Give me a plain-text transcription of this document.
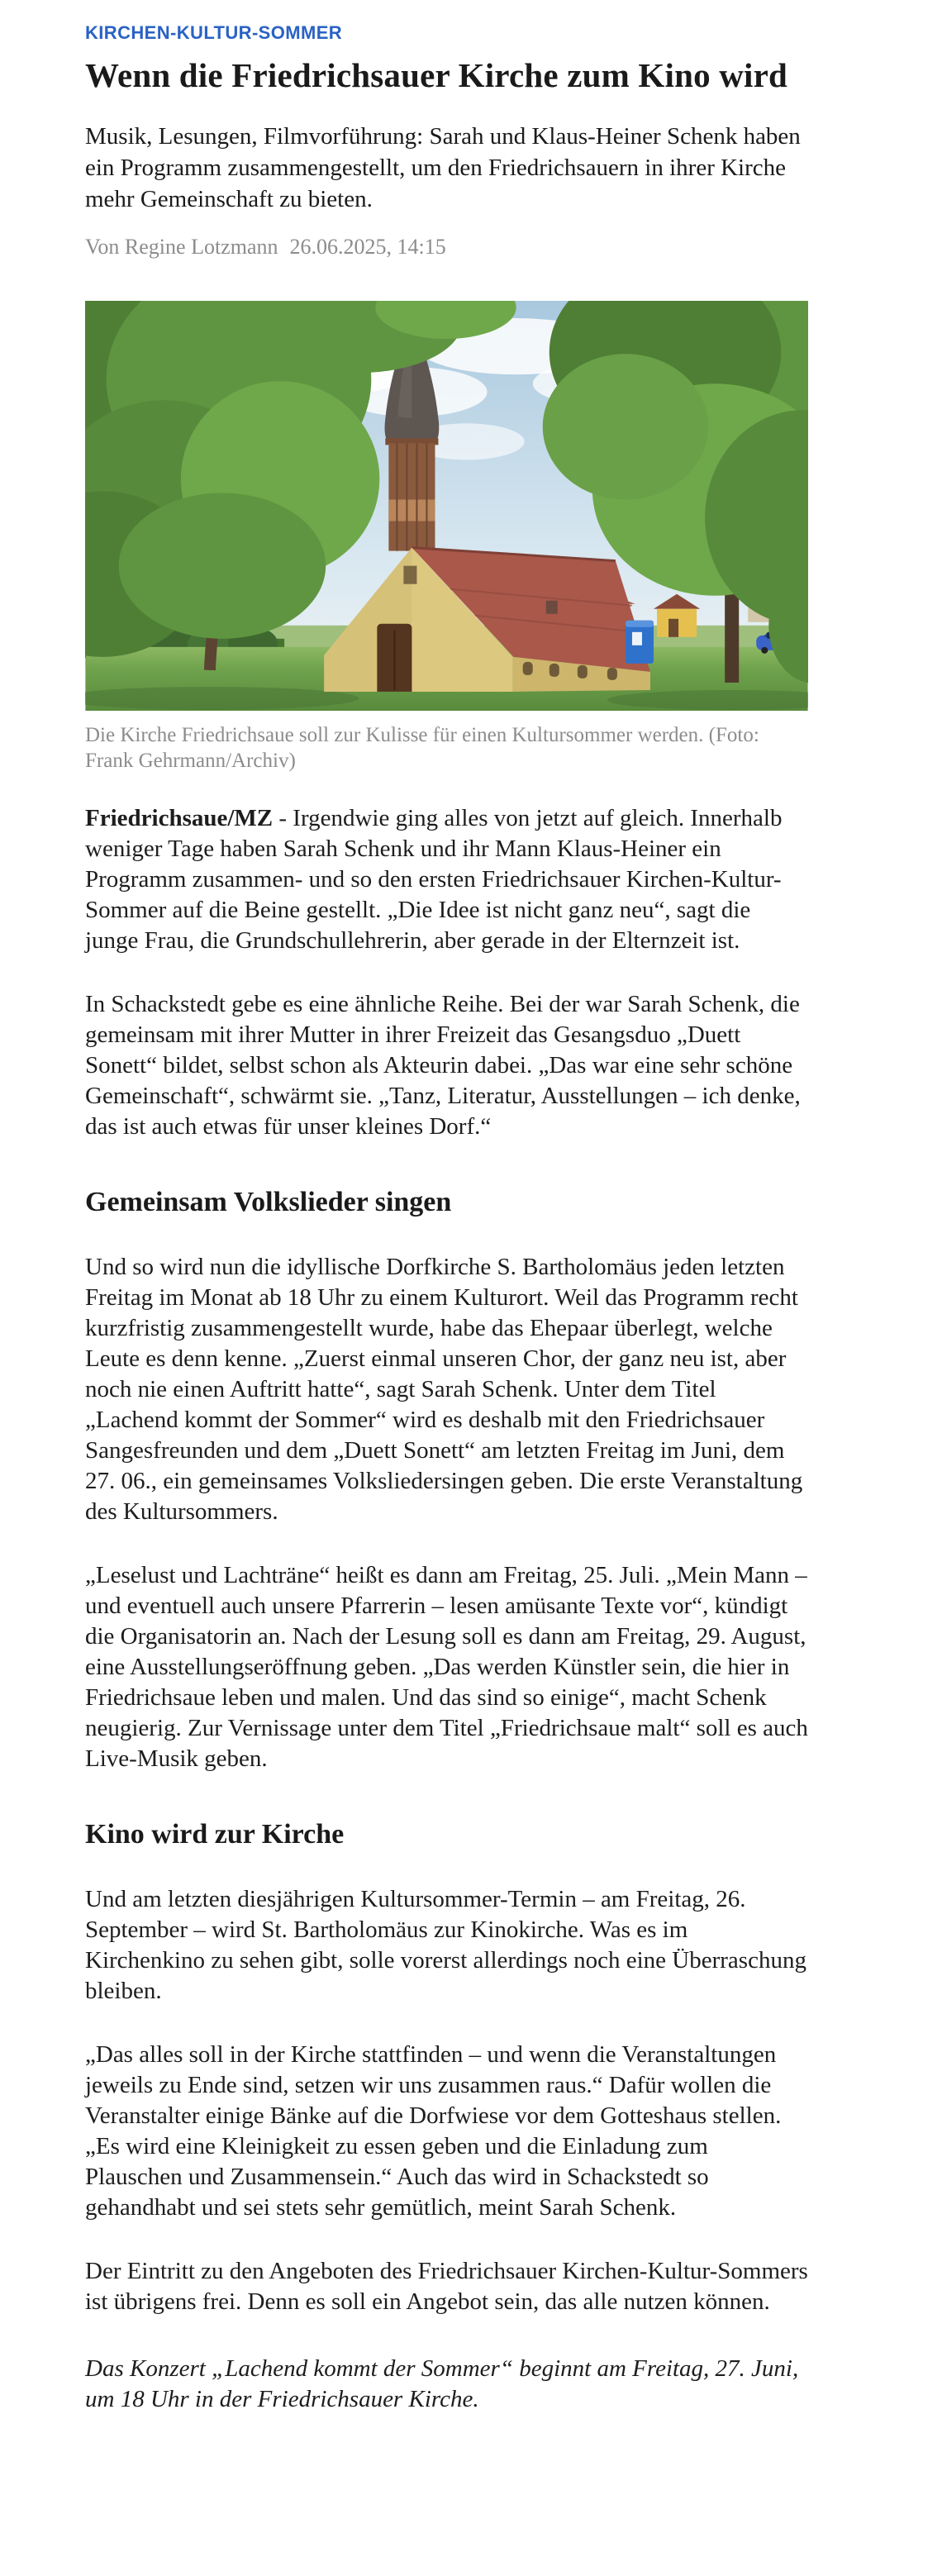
KIRCHEN-KULTUR-SOMMER
Wenn die Friedrichsauer Kirche zum Kino wird

Musik, Lesungen, Filmvorführung: Sarah und Klaus-Heiner Schenk haben ein Programm zusammengestellt, um den Friedrichsauern in ihrer Kirche mehr Gemeinschaft zu bieten.

Von Regine Lotzmann 26.06.2025, 14:15
Die Kirche Friedrichsaue soll zur Kulisse für einen Kultursommer werden. (Foto: Frank Gehrmann/Archiv)

Friedrichsaue/MZ - Irgendwie ging alles von jetzt auf gleich. Innerhalb weniger Tage haben Sarah Schenk und ihr Mann Klaus-Heiner ein Programm zusammen- und so den ersten Friedrichsauer Kirchen-Kultur-Sommer auf die Beine gestellt. „Die Idee ist nicht ganz neu“, sagt die junge Frau, die Grundschullehrerin, aber gerade in der Elternzeit ist.

In Schackstedt gebe es eine ähnliche Reihe. Bei der war Sarah Schenk, die gemeinsam mit ihrer Mutter in ihrer Freizeit das Gesangsduo „Duett Sonett“ bildet, selbst schon als Akteurin dabei. „Das war eine sehr schöne Gemeinschaft“, schwärmt sie. „Tanz, Literatur, Ausstellungen – ich denke, das ist auch etwas für unser kleines Dorf.“

Gemeinsam Volkslieder singen

Und so wird nun die idyllische Dorfkirche S. Bartholomäus jeden letzten Freitag im Monat ab 18 Uhr zu einem Kulturort. Weil das Programm recht kurzfristig zusammengestellt wurde, habe das Ehepaar überlegt, welche Leute es denn kenne. „Zuerst einmal unseren Chor, der ganz neu ist, aber noch nie einen Auftritt hatte“, sagt Sarah Schenk. Unter dem Titel „Lachend kommt der Sommer“ wird es deshalb mit den Friedrichsauer Sangesfreunden und dem „Duett Sonett“ am letzten Freitag im Juni, dem 27. 06., ein gemeinsames Volksliedersingen geben. Die erste Veranstaltung des Kultursommers.

„Leselust und Lachträne“ heißt es dann am Freitag, 25. Juli. „Mein Mann – und eventuell auch unsere Pfarrerin – lesen amüsante Texte vor“, kündigt die Organisatorin an. Nach der Lesung soll es dann am Freitag, 29. August, eine Ausstellungseröffnung geben. „Das werden Künstler sein, die hier in Friedrichsaue leben und malen. Und das sind so einige“, macht Schenk neugierig. Zur Vernissage unter dem Titel „Friedrichsaue malt“ soll es auch Live-Musik geben.

Kino wird zur Kirche

Und am letzten diesjährigen Kultursommer-Termin – am Freitag, 26. September – wird St. Bartholomäus zur Kinokirche. Was es im Kirchenkino zu sehen gibt, solle vorerst allerdings noch eine Überraschung bleiben.

„Das alles soll in der Kirche stattfinden – und wenn die Veranstaltungen jeweils zu Ende sind, setzen wir uns zusammen raus.“ Dafür wollen die Veranstalter einige Bänke auf die Dorfwiese vor dem Gotteshaus stellen. „Es wird eine Kleinigkeit zu essen geben und die Einladung zum Plauschen und Zusammensein.“ Auch das wird in Schackstedt so gehandhabt und sei stets sehr gemütlich, meint Sarah Schenk.

Der Eintritt zu den Angeboten des Friedrichsauer Kirchen-Kultur-Sommers ist übrigens frei. Denn es soll ein Angebot sein, das alle nutzen können.

Das Konzert „Lachend kommt der Sommer“ beginnt am Freitag, 27. Juni, um 18 Uhr in der Friedrichsauer Kirche.
